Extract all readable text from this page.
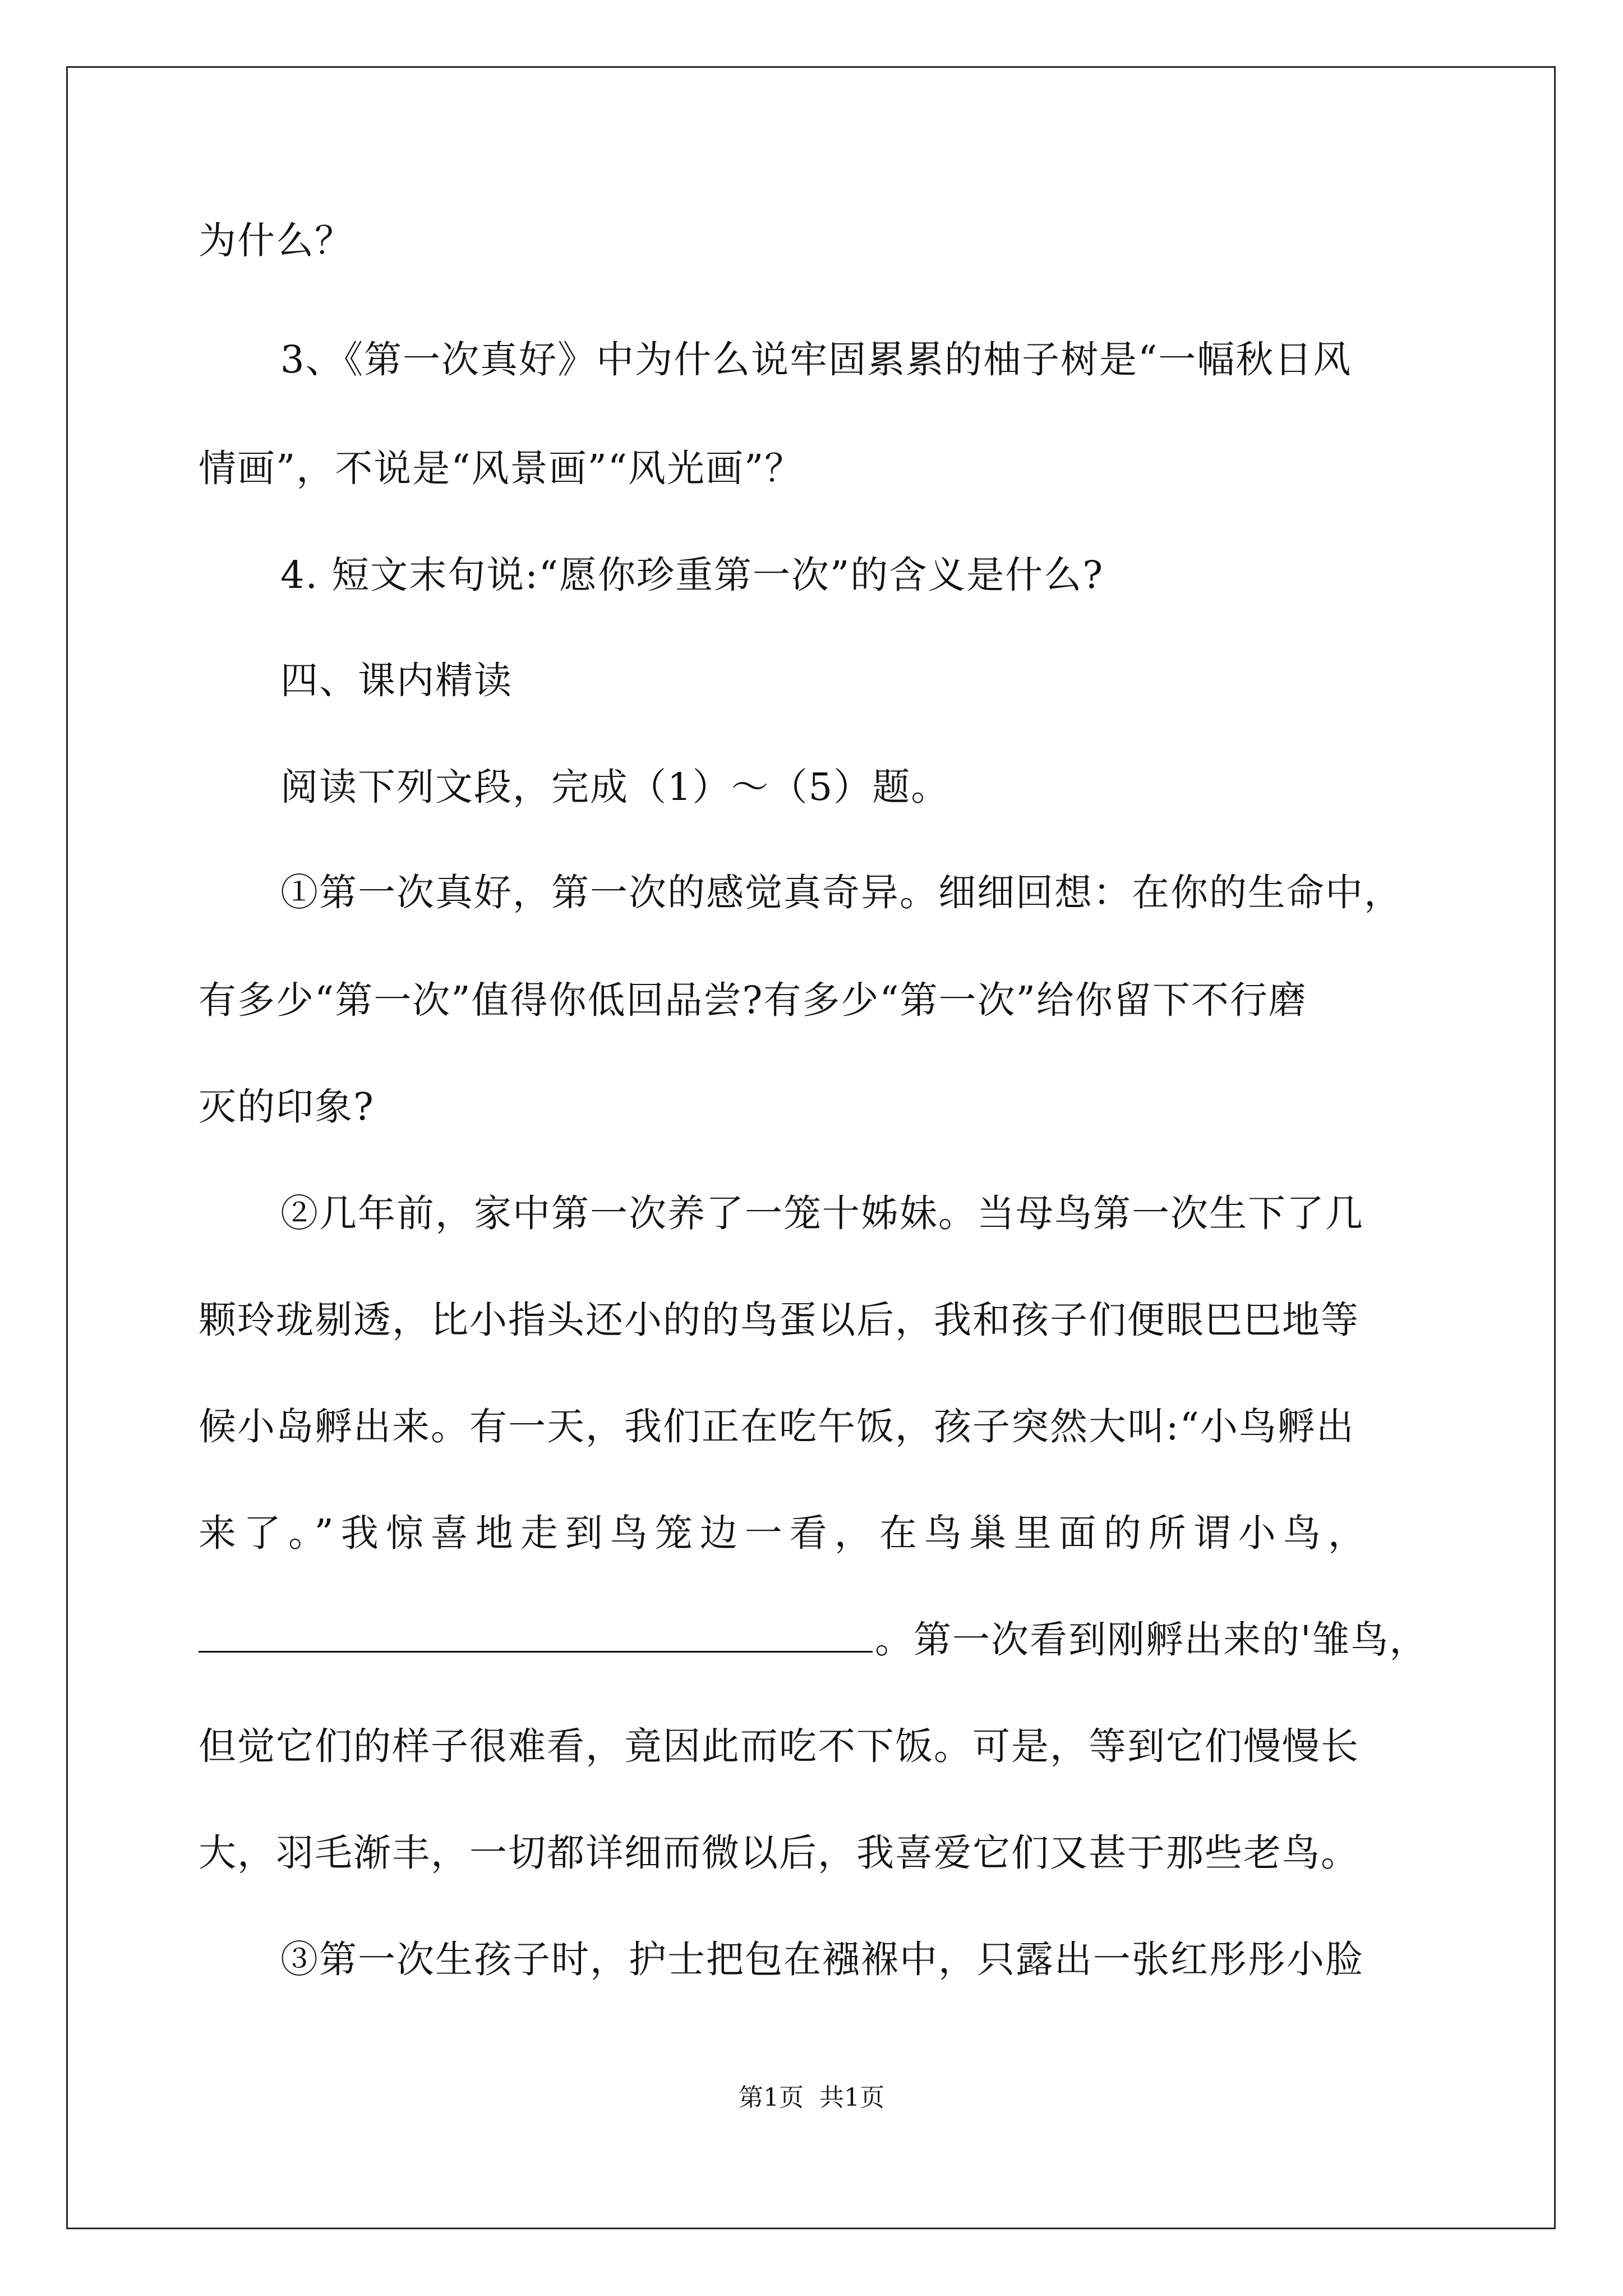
为什么？
3、《第一次真好》中为什么说牢固累累的柚子树是“一幅秋日风
情画”，不说是“风景画”“风光画”？
4. 短文末句说:“愿你珍重第一次”的含义是什么?
四、课内精读
阅读下列文段，完成（1）～（5）题。
①第一次真好，第一次的感觉真奇异。细细回想：在你的生命中，
有多少“第一次”值得你低回品尝?有多少“第一次”给你留下不行磨
灭的印象?
②几年前，家中第一次养了一笼十姊妹。当母鸟第一次生下了几
颗玲珑剔透，比小指头还小的的鸟蛋以后，我和孩子们便眼巴巴地等
候小岛孵出来。有一天，我们正在吃午饭，孩子突然大叫:“小鸟孵出
来了。”我惊喜地走到鸟笼边一看，在鸟巢里面的所谓小鸟，
。第一次看到刚孵出来的'雏鸟，
但觉它们的样子很难看，竟因此而吃不下饭。可是，等到它们慢慢长
大，羽毛渐丰，一切都详细而微以后，我喜爱它们又甚于那些老鸟。
③第一次生孩子时，护士把包在襁褓中，只露出一张红彤彤小脸
第1页 共1页
